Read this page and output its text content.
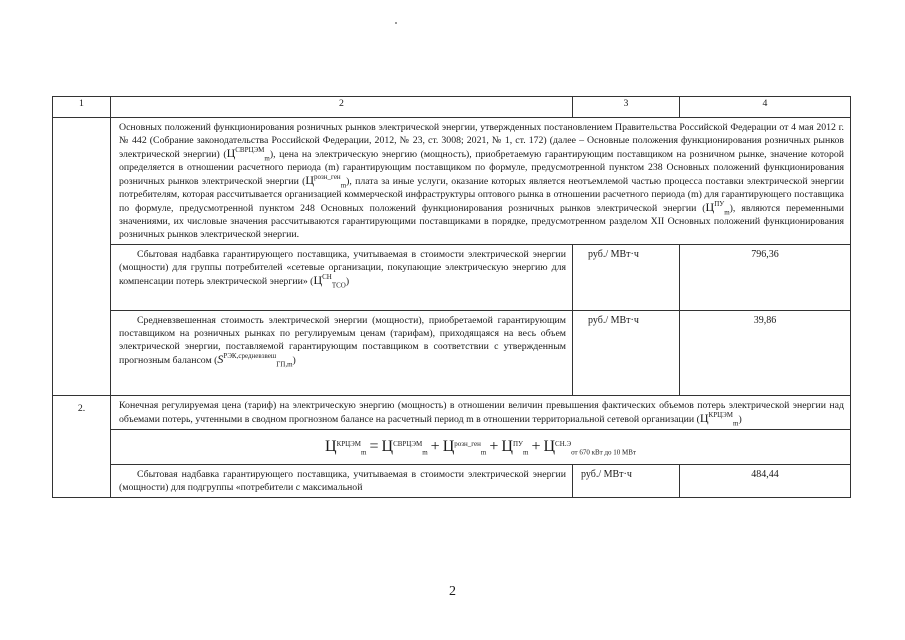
1	2	3	4
	Основных положений функционирования розничных рынков электрической энергии, утвержденных постановлением Правительства Российской Федерации от 4 мая 2012 г. № 442 (Собрание законодательства Российской Федерации, 2012, № 23, ст. 3008; 2021, № 1, ст. 172) (далее – Основные положения функционирования розничных рынков электрической энергии) $(Ц^{СВРЦЭМ}_m)$, цена на электрическую энергию (мощность), приобретаемую гарантирующим поставщиком на розничном рынке, значение которой определяется в отношении расчетного периода (m) гарантирующим поставщиком по формуле, предусмотренной пунктом 238 Основных положений функционирования розничных рынков электрической энергии $(Ц^{розн\_ген}_m)$, плата за иные услуги, оказание которых является неотъемлемой частью процесса поставки электрической энергии потребителям, которая рассчитывается организацией коммерческой инфраструктуры оптового рынка в отношении расчетного периода (m) для гарантирующего поставщика по формуле, предусмотренной пунктом 248 Основных положений функционирования розничных рынков электрической энергии $(Ц^{ПУ}_m)$, являются переменными значениями, их числовые значения рассчитываются гарантирующими поставщиками в порядке, предусмотренном разделом XII Основных положений функционирования розничных рынков электрической энергии.		
	Сбытовая надбавка гарантирующего поставщика, учитываемая в стоимости электрической энергии (мощности) для группы потребителей «сетевые организации, покупающие электрическую энергию для компенсации потерь электрической энергии» $(Ц^{СН}_{ТСО})$	руб./ МВт·ч	796,36
	Средневзвешенная стоимость электрической энергии (мощности), приобретаемой гарантирующим поставщиком на розничных рынках по регулируемым ценам (тарифам), приходящаяся на весь объем электрической энергии, поставляемой гарантирующим поставщиком в соответствии с утвержденным прогнозным балансом $(S^{РЭК,средневзвеш}_{ГП,m})$	руб./ МВт·ч	39,86
2.	Конечная регулируемая цена (тариф) на электрическую энергию (мощность) в отношении величин превышения фактических объемов потерь электрической энергии над объемами потерь, учтенными в сводном прогнозном балансе на расчетный период m в отношении территориальной сетевой организации $(Ц^{КРЦЭМ}_m)$		
	$Ц^{КРЦЭМ}_m = Ц^{СВРЦЭМ}_m + Ц^{розн\_ген}_m + Ц^{ПУ}_m + Ц^{СН.Э}_{от 670 кВт до 10 МВт}$
	Сбытовая надбавка гарантирующего поставщика, учитываемая в стоимости электрической энергии (мощности) для подгруппы «потребители с максимальной	руб./ МВт·ч	484,44
2
